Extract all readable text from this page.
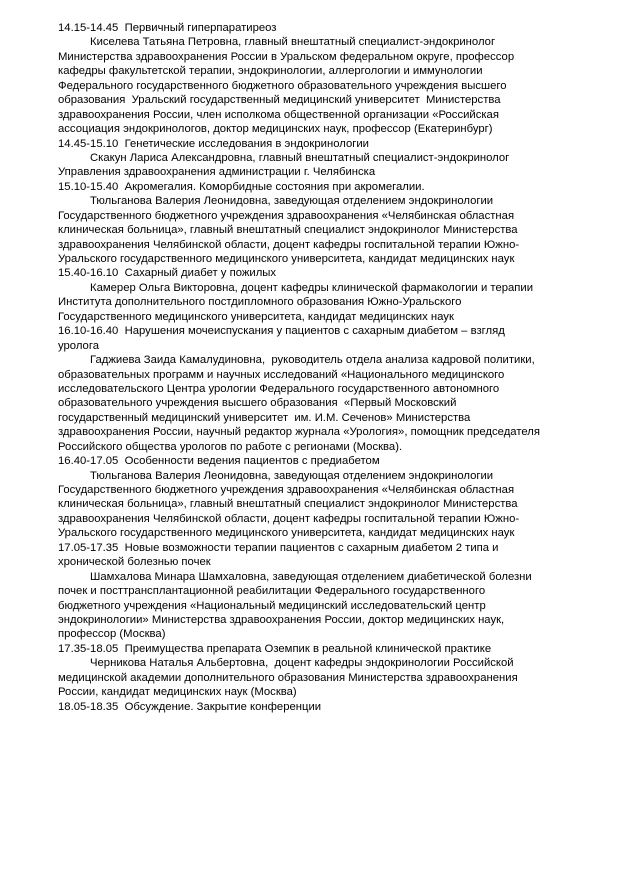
14.15-14.45  Первичный гиперпаратиреоз
Киселева Татьяна Петровна, главный внештатный специалист-эндокринолог
Министерства здравоохранения России в Уральском федеральном округе, профессор
кафедры факультетской терапии, эндокринологии, аллергологии и иммунологии
Федерального государственного бюджетного образовательного учреждения высшего
образования  Уральский государственный медицинский университет  Министерства
здравоохранения России, член исполкома общественной организации «Российская
ассоциация эндокринологов, доктор медицинских наук, профессор (Екатеринбург)
14.45-15.10  Генетические исследования в эндокринологии
Скакун Лариса Александровна, главный внештатный специалист-эндокринолог
Управления здравоохранения администрации г. Челябинска
15.10-15.40  Акромегалия. Коморбидные состояния при акромегалии.
Тюльганова Валерия Леонидовна, заведующая отделением эндокринологии
Государственного бюджетного учреждения здравоохранения «Челябинская областная
клиническая больница», главный внештатный специалист эндокринолог Министерства
здравоохранения Челябинской области, доцент кафедры госпитальной терапии Южно-
Уральского государственного медицинского университета, кандидат медицинских наук
15.40-16.10  Сахарный диабет у пожилых
Камерер Ольга Викторовна, доцент кафедры клинической фармакологии и терапии
Института дополнительного постдипломного образования Южно-Уральского
Государственного медицинского университета, кандидат медицинских наук
16.10-16.40  Нарушения мочеиспускания у пациентов с сахарным диабетом – взгляд
уролога
Гаджиева Заида Камалудиновна,  руководитель отдела анализа кадровой политики,
образовательных программ и научных исследований «Национального медицинского
исследовательского Центра урологии Федерального государственного автономного
образовательного учреждения высшего образования  «Первый Московский
государственный медицинский университет  им. И.М. Сеченов» Министерства
здравоохранения России, научный редактор журнала «Урология», помощник председателя
Российского общества урологов по работе с регионами (Москва).
16.40-17.05  Особенности ведения пациентов с предиабетом
Тюльганова Валерия Леонидовна, заведующая отделением эндокринологии
Государственного бюджетного учреждения здравоохранения «Челябинская областная
клиническая больница», главный внештатный специалист эндокринолог Министерства
здравоохранения Челябинской области, доцент кафедры госпитальной терапии Южно-
Уральского государственного медицинского университета, кандидат медицинских наук
17.05-17.35  Новые возможности терапии пациентов с сахарным диабетом 2 типа и
хронической болезнью почек
Шамхалова Минара Шамхаловна, заведующая отделением диабетической болезни
почек и посттрансплантационной реабилитации Федерального государственного
бюджетного учреждения «Национальный медицинский исследовательский центр
эндокринологии» Министерства здравоохранения России, доктор медицинских наук,
профессор (Москва)
17.35-18.05  Преимущества препарата Оземпик в реальной клинической практике
Черникова Наталья Альбертовна,  доцент кафедры эндокринологии Российской
медицинской академии дополнительного образования Министерства здравоохранения
России, кандидат медицинских наук (Москва)
18.05-18.35  Обсуждение. Закрытие конференции
